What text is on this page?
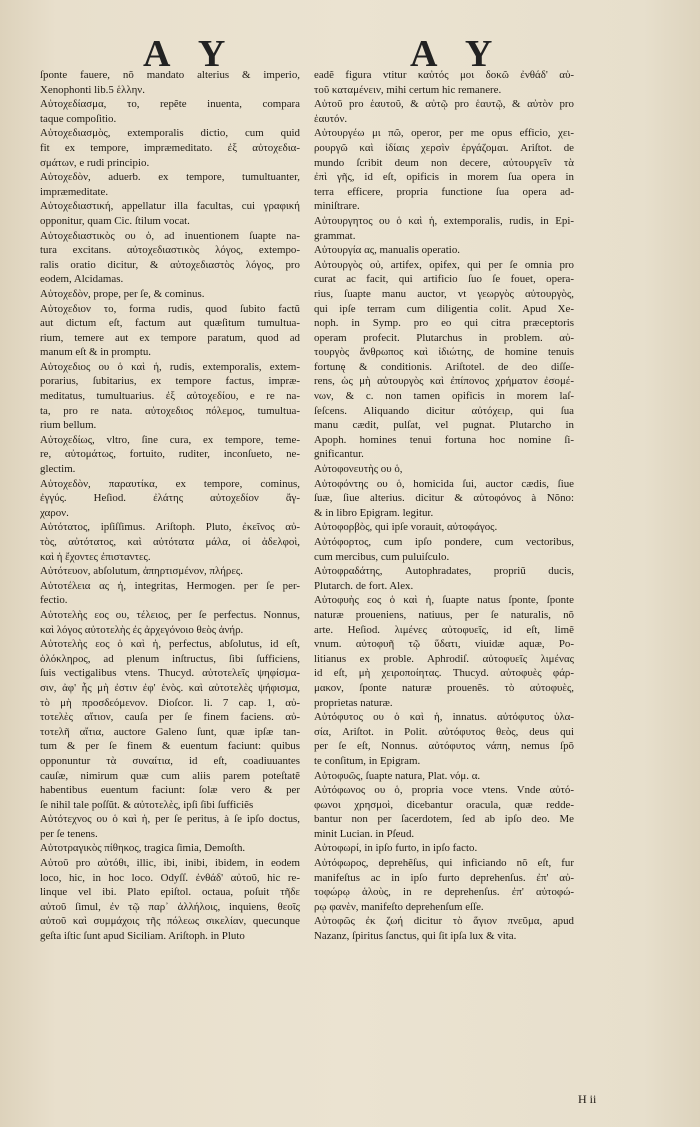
A Υ	A Υ
ſponte fauere, nõ mandato alterius & imperio,
Xenophonti lib.5 ἑλλην.
Αὐτοχεδίασμα, το, repẽte inuenta, compara
taque compoſitio.
Αὐτοχεδιασμὸς, extemporalis dictio, cum quid
fit ex tempore, impræmeditato. ἐξ αὐτοχεδια-
σμάτων, e rudi principio.
Αὐτοχεδὸν, aduerb. ex tempore, tumultuanter,
impræmeditate.
Αὐτοχεδιαστική, appellatur illa facultas, cui γραφική
opponitur, quam Cic. ſtilum vocat.
Αὐτοχεδιαστικὸς ου ὁ, ad inuentionem ſuapte na-
tura excitans. αὐτοχεδιαστικὸς λόγος, extempo-
ralis oratio dicitur, & αὐτοχεδιαστὸς λόγος, pro
eodem, Alcidamas.
Αὐτοχεδὸν, prope, per ſe, & cominus.
Αὐτοχεδιον το, forma rudis, quod ſubito factũ
aut dictum eſt, factum aut quæſitum tumultua-
rium, temere aut ex tempore paratum, quod ad
manum eſt & in promptu.
Αὐτοχεδιος ου ὁ καὶ ἡ, rudis, extemporalis, extem-
porarius, ſubitarius, ex tempore factus, impræ-
meditatus, tumultuarius. ἐξ αὐτοχεδίου, e re na-
ta, pro re nata. αὐτοχεδιος πόλεμος, tumultua-
rium bellum.
Αὐτοχεδίως, vltro, ſine cura, ex tempore, teme-
re, αὐτομάτως, fortuito, ruditer, inconſueto, ne-
glectim.
Αὐτοχεδὸν, παραυτίκα, ex tempore, cominus,
ἐγγύς. Heſiod. ἐλάτης αὐτοχεδίον ἄγ-
χαρον.
Αὐτότατος, ipſiſſimus. Ariſtoph. Pluto, ἐκεῖνος αὐ-
τὸς, αὐτότατος, καὶ αὐτότατα μάλα, οἱ ἀδελφοὶ,
καὶ ἡ ἔχοντες ἐπισταντες.
Αὐτότευον, abſolutum, ἀπηρτισμένον, πλήρες.
Αὐτοτέλεια ας ἡ, integritas, Hermogen. per ſe per-
fectio.
Αὐτοτελὴς εος ου, τέλειος, per ſe perfectus. Nonnus,
καὶ λόγος αὐτοτελὴς ἐς ἀρχεγόνοιο θεὸς ἀνήρ.
Αὐτοτελὴς εος ὁ καὶ ἡ, perfectus, abſolutus, id eſt,
ὁλόκληρος, ad plenum inſtructus, ſibi ſufficiens,
ſuis vectigalibus vtens. Thucyd. αὐτοτελεῖς ψηφίσμα-
σιν, ἀφ' ἧς μὴ ἐστιν ἐφ' ἑνὸς. καὶ αὐτοτελὲς ψήφισμα,
τὸ μὴ προσδεόμενον. Dioſcor. li. 7 cap. 1, αὐ-
τοτελὲς αἴτιον, cauſa per ſe finem faciens. αὐ-
τοτελῆ αἴτια, auctore Galeno ſunt, quæ ipſæ tan-
tum & per ſe finem & euentum faciunt: quibus
opponuntur τὰ συναίτια, id eſt, coadiuuantes
cauſæ, nimirum quæ cum aliis parem poteſtatẽ
habentibus euentum faciunt: ſolæ vero & per
ſe nihil tale poſſũt. & αὐτοτελὲς, ipſi ſibi ſufficiẽs
Αὐτότεχνος ου ὁ καὶ ἡ, per ſe peritus, à ſe ipſo doctus,
per ſe tenens.
Αὐτοτραγικὸς πίθηκος, tragica ſimia, Demoſth.
Αὐτοῦ pro αὐτόθι, illic, ibi, inibi, ibidem, in eodem
loco, hic, in hoc loco. Odyſſ. ἐνθάδ' αὐτοῦ, hic re-
linque vel ibi. Plato epiſtol. octaua, poſuit τῆδε
αὐτοῦ ſimul, ἐν τῷ παρ᾽ ἀλλήλοις, inquiens, θεοῖς
αὐτοῦ καὶ συμμάχοις τῆς πόλεως σικελίαν, quecunque
geſta iſtic ſunt apud Siciliam. Ariſtoph. in Pluto
eadẽ figura vtitur καὐτός μοι δοκῶ ἐνθάδ' αὐ-
τοῦ καταμένειν, mihi certum hic remanere.
Αὐτοῦ pro ἑαυτοῦ, & αὐτῷ pro ἑαυτῷ, & αὐτὸν pro
ἑαυτόν.
Αὐτουργέω μι πῶ, operor, per me opus efficio, χει-
ρουργῶ καὶ ἰδίαις χερσὶν ἐργάζομαι. Ariſtot. de
mundo ſcribit deum non decere, αὐτουργεῖν τὰ
ἐπὶ γῆς, id eſt, opificis in morem ſua opera in
terra efficere, propria functione ſua opera ad-
miniſtrare.
Αὐτουργητος ου ὁ καὶ ἡ, extemporalis, rudis, in Epi-
grammat.
Αὐτουργία ας, manualis operatio.
Αὐτουργὸς οὐ, artifex, opifex, qui per ſe omnia pro
curat ac facit, qui artificio ſuo ſe fouet, opera-
rius, ſuapte manu auctor, vt γεωργὸς αὐτουργὸς,
qui ipſe terram cum diligentia colit. Apud Xe-
noph. in Symp. pro eo qui citra præceptoris
operam profecit. Plutarchus in problem. αὐ-
τουργὸς ἄνθρωπος καὶ ἰδιώτης, de homine tenuis
fortunę & conditionis. Ariſtotel. de deo diſſe-
rens, ὡς μὴ αὐτουργὸς καὶ ἐπίπονος χρήματον ἐσομέ-
νων, & c. non tamen opificis in morem laſ-
ſeſcens. Aliquando dicitur αὐτόχειρ, qui ſua
manu cædit, pulſat, vel pugnat. Plutarcho in
Apoph. homines tenui fortuna hoc nomine ſi-
gnificantur.
Αὐτοφονευτὴς ου ὁ,
Αὐτοφόντης ου ὁ, homicida ſui, auctor cædis, ſiue
ſuæ, ſiue alterius. dicitur & αὐτοφόνος à Nõno:
& in libro Epigram. legitur.
Αὐτοφορβὸς, qui ipſe vorauit, αὐτοφάγος.
Αὐτόφορτος, cum ipſo pondere, cum vectoribus,
cum mercibus, cum puluiſculo.
Αὐτοφραδάτης, Autophradates, propriũ ducis,
Plutarch. de fort. Alex.
Αὐτοφυὴς εος ὁ καὶ ἡ, ſuapte natus ſponte, ſponte
naturæ proueniens, natiuus, per ſe naturalis, nõ
arte. Heſiod. λιμένες αὐτοφυεῖς, id eſt, limẽ
vnum. αὐτοφυῆ τῷ ὕδατι, viuidæ aquæ, Po-
litianus ex proble. Aphrodiſ. αὐτοφυεῖς λιμένας
id eſt, μὴ χειροποίητας. Thucyd. αὐτοφυὲς φάρ-
μακον, ſponte naturæ prouenẽs. τὸ αὐτοφυὲς,
proprietas naturæ.
Αὐτόφυτος ου ὁ καὶ ἡ, innatus. αὐτόφυτος ὑλα-
σία, Ariſtot. in Polit. αὐτόφυτος θεὸς, deus qui
per ſe eſt, Nonnus. αὐτόφυτος νάπη, nemus ſpõ
te conſitum, in Epigram.
Αὐτοφυῶς, ſuapte natura, Plat. νόμ. α.
Αὐτόφωνος ου ὁ, propria voce vtens. Vnde αὐτό-
φωνοι χρησμοὶ, dicebantur oracula, quæ redde-
bantur non per ſacerdotem, ſed ab ipſo deo. Me
minit Lucian. in Pſeud.
Αὐτοφωρί, in ipſo furto, in ipſo facto.
Αὐτόφωρος, deprehẽſus, qui inficiando nõ eſt, fur
manifeſtus ac in ipſo furto deprehenſus. ἐπ' αὐ-
τοφώρῳ ἁλοὺς, in re deprehenſus. ἐπ' αὐτοφώ-
ρῳ φανὲν, manifeſto deprehenſum eſſe.
Αὐτοφῶς ἐκ ζωή dicitur τὸ ἅγιον πνεῦμα, apud
Nazanz, ſpiritus ſanctus, qui ſit ipſa lux & vita.
H ii
